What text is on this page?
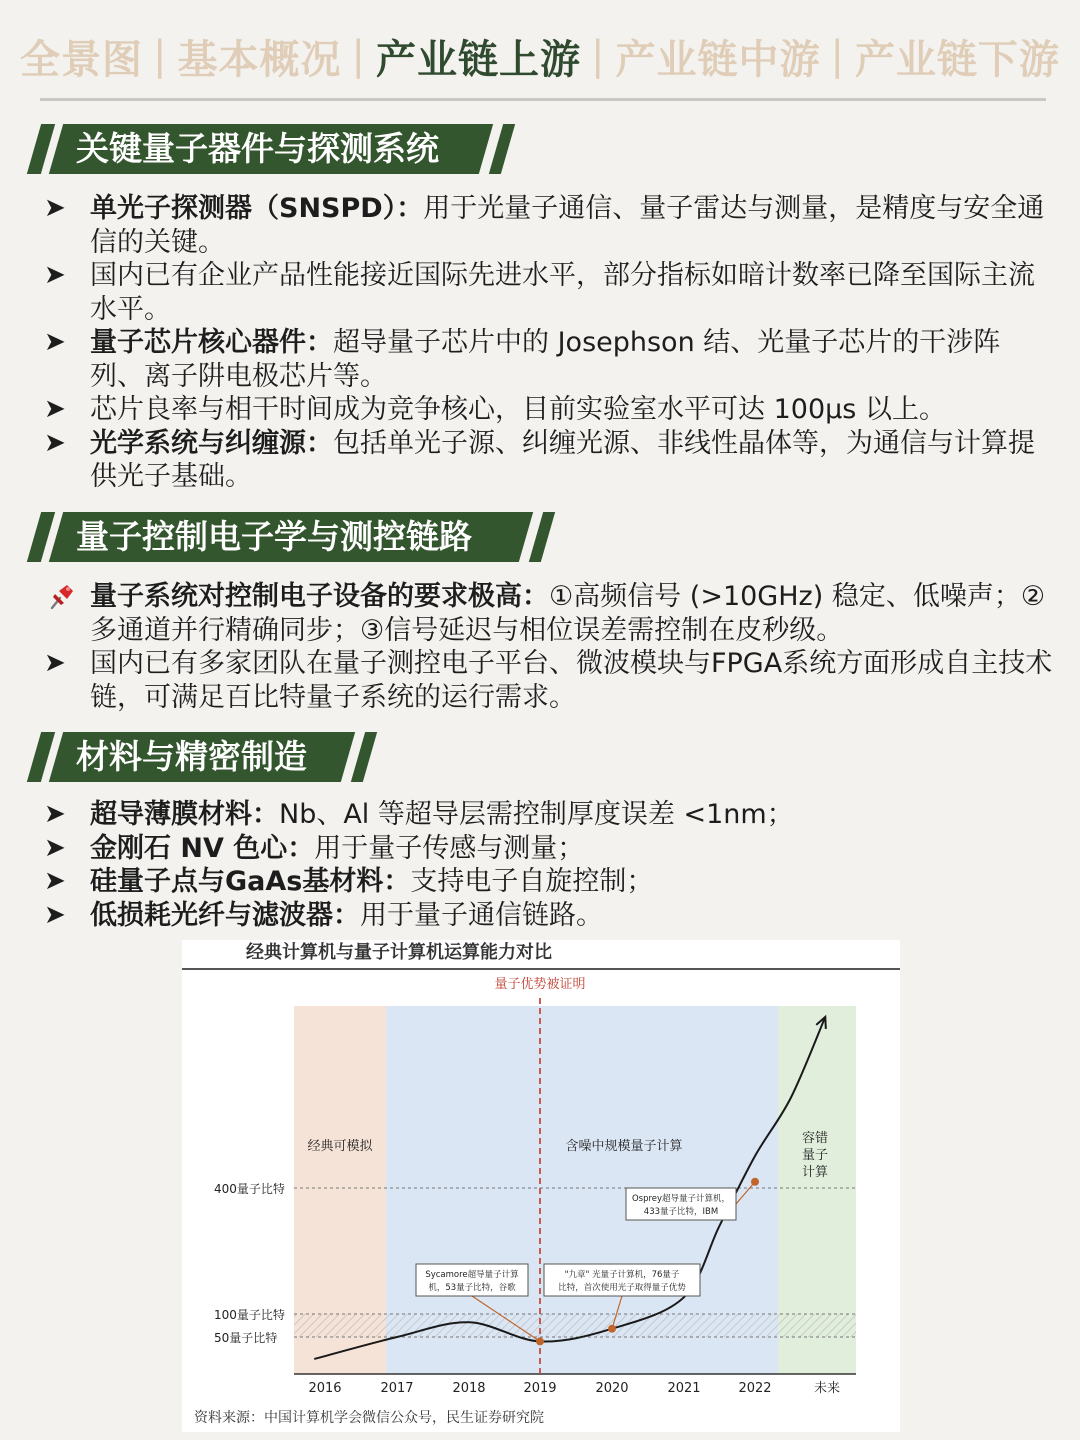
全景图 | 基本概况 | 产业链上游 | 产业链中游 | 产业链下游
关键量子器件与探测系统
➤ 单光子探测器（SNSPD）：用于光量子通信、量子雷达与测量，是精度与安全通信的关键。
➤ 国内已有企业产品性能接近国际先进水平，部分指标如暗计数率已降至国际主流水平。
➤ 量子芯片核心器件：超导量子芯片中的 Josephson 结、光量子芯片的干涉阵列、离子阱电极芯片等。
➤ 芯片良率与相干时间成为竞争核心，目前实验室水平可达 100μs 以上。
➤ 光学系统与纠缠源：包括单光子源、纠缠光源、非线性晶体等，为通信与计算提供光子基础。
量子控制电子学与测控链路
量子系统对控制电子设备的要求极高：①高频信号 (>10GHz) 稳定、低噪声；②多通道并行精确同步；③信号延迟与相位误差需控制在皮秒级。
➤ 国内已有多家团队在量子测控电子平台、微波模块与FPGA系统方面形成自主技术链，可满足百比特量子系统的运行需求。
材料与精密制造
➤ 超导薄膜材料：Nb、Al 等超导层需控制厚度误差 <1nm；
➤ 金刚石 NV 色心：用于量子传感与测量；
➤ 硅量子点与GaAs基材料：支持电子自旋控制；
➤ 低损耗光纤与滤波器：用于量子通信链路。
经典计算机与量子计算机运算能力对比
400量子比特
100量子比特
50量子比特
2016	2017	2018	2019	2020	2021	2022	未来
经典可模拟	含噪中规模量子计算
容错
量子
计算
量子优势被证明
Sycamore超导量子计算
机，53量子比特，谷歌
"九章" 光量子计算机，76量子
比特，首次使用光子取得量子优势
Osprey超导量子计算机，
433量子比特，IBM
资料来源：中国计算机学会微信公众号，民生证券研究院
